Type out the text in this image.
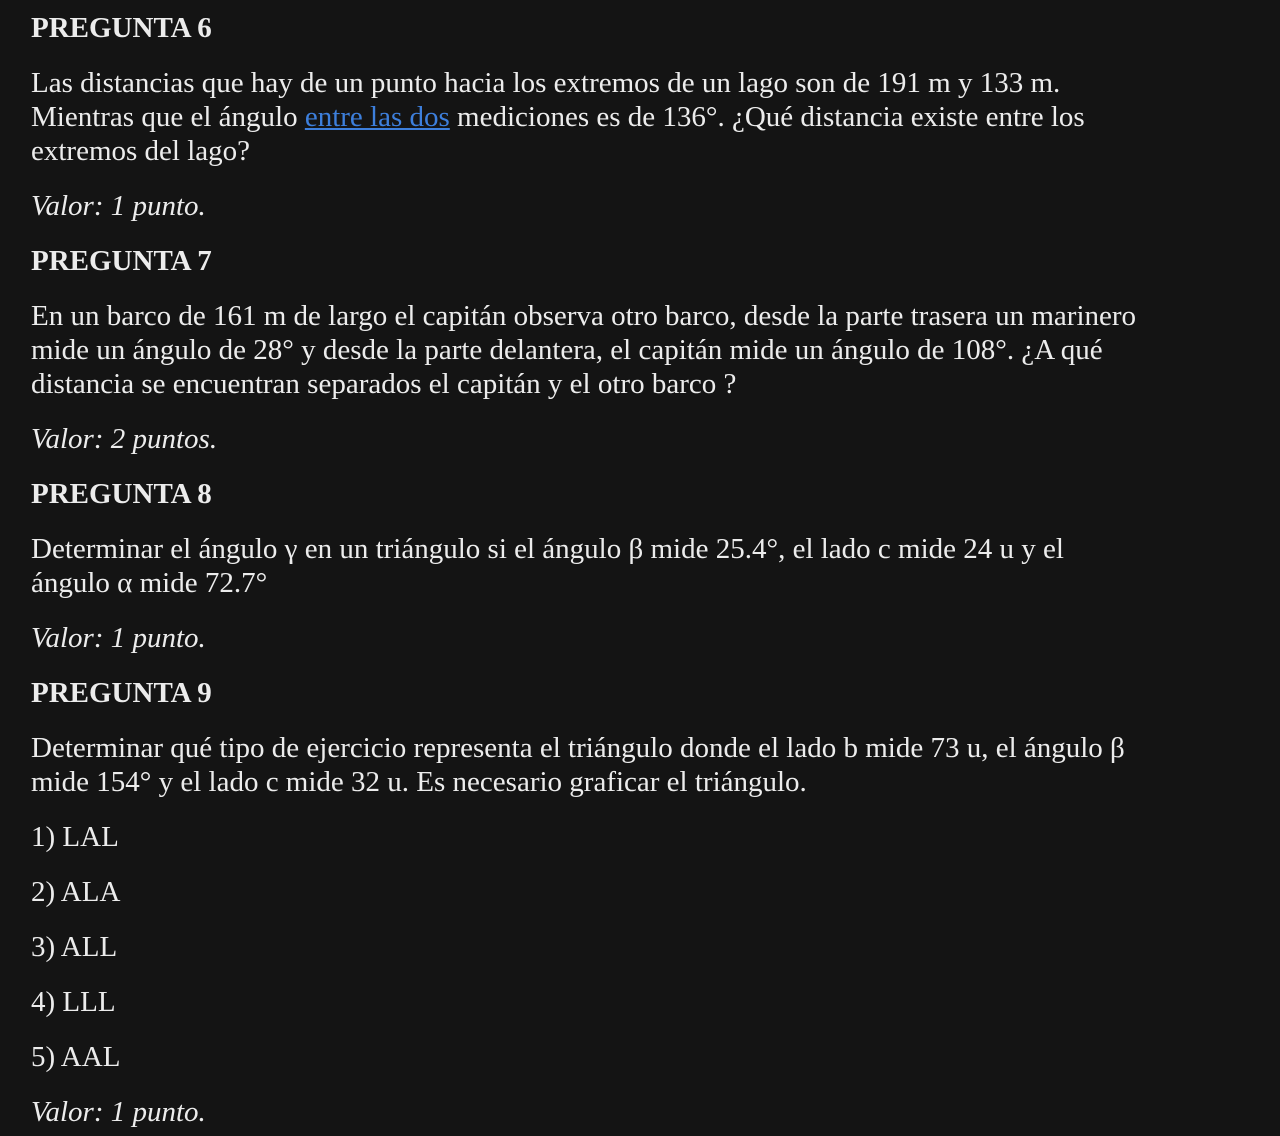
PREGUNTA 6
Las distancias que hay de un punto hacia los extremos de un lago son de 191 m y 133 m.
Mientras que el ángulo entre las dos mediciones es de 136°. ¿Qué distancia existe entre los
extremos del lago?
Valor: 1 punto.
PREGUNTA 7
En un barco de 161 m de largo el capitán observa otro barco, desde la parte trasera un marinero
mide un ángulo de 28° y desde la parte delantera, el capitán mide un ángulo de 108°. ¿A qué
distancia se encuentran separados el capitán y el otro barco ?
Valor: 2 puntos.
PREGUNTA 8
Determinar el ángulo γ en un triángulo si el ángulo β mide 25.4°, el lado c mide 24 u y el
ángulo α mide 72.7°
Valor: 1 punto.
PREGUNTA 9
Determinar qué tipo de ejercicio representa el triángulo donde el lado b mide 73 u, el ángulo β
mide 154° y el lado c mide 32 u. Es necesario graficar el triángulo.
1) LAL
2) ALA
3) ALL
4) LLL
5) AAL
Valor: 1 punto.
